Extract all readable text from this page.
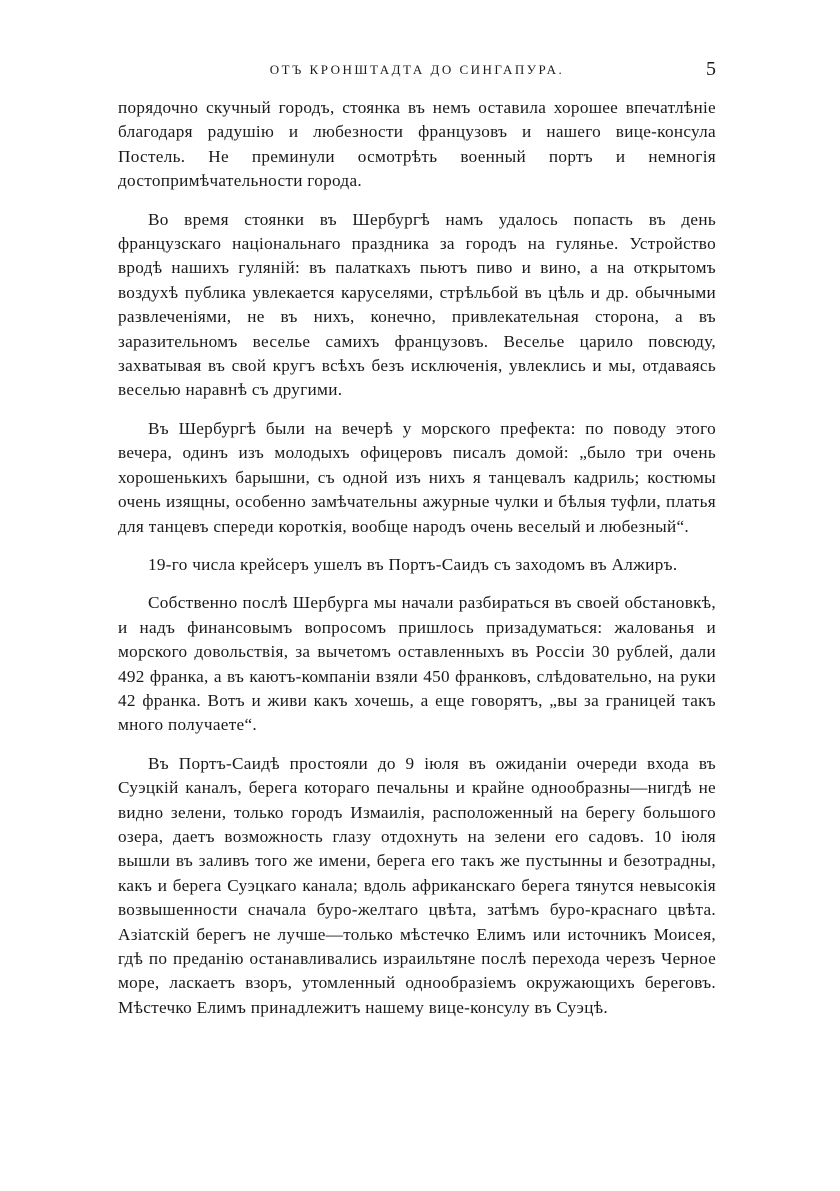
ОТЪ КРОНШТАДТА ДО СИНГАПУРА.	5

порядочно скучный городъ, стоянка въ немъ оставила хорошее впечатлѣніе благодаря радушію и любезности французовъ и нашего вице-консула Постель. Не преминули осмотрѣть военный портъ и немногія достопримѣчательности города.

Во время стоянки въ Шербургѣ намъ удалось попасть въ день французскаго національнаго праздника за городъ на гулянье. Устройство вродѣ нашихъ гуляній: въ палаткахъ пьютъ пиво и вино, а на открытомъ воздухѣ публика увлекается каруселями, стрѣльбой въ цѣль и др. обычными развлеченіями, не въ нихъ, конечно, привлекательная сторона, а въ заразительномъ веселье самихъ французовъ. Веселье царило повсюду, захватывая въ свой кругъ всѣхъ безъ исключенія, увлеклись и мы, отдаваясь веселью наравнѣ съ другими.

Въ Шербургѣ были на вечерѣ у морского префекта: по поводу этого вечера, одинъ изъ молодыхъ офицеровъ писалъ домой: „было три очень хорошенькихъ барышни, съ одной изъ нихъ я танцевалъ кадриль; костюмы очень изящны, особенно замѣчательны ажурные чулки и бѣлыя туфли, платья для танцевъ спереди короткія, вообще народъ очень веселый и любезный“.

19-го числа крейсеръ ушелъ въ Портъ-Саидъ съ заходомъ въ Алжиръ.

Собственно послѣ Шербурга мы начали разбираться въ своей обстановкѣ, и надъ финансовымъ вопросомъ пришлось призадуматься: жалованья и морского довольствія, за вычетомъ оставленныхъ въ Россіи 30 рублей, дали 492 франка, а въ каютъ-компаніи взяли 450 франковъ, слѣдовательно, на руки 42 франка. Вотъ и живи какъ хочешь, а еще говорятъ, „вы за границей такъ много получаете“.

Въ Портъ-Саидѣ простояли до 9 іюля въ ожиданіи очереди входа въ Суэцкій каналъ, берега котораго печальны и крайне однообразны—нигдѣ не видно зелени, только городъ Измаилія, расположенный на берегу большого озера, даетъ возможность глазу отдохнуть на зелени его садовъ. 10 іюля вышли въ заливъ того же имени, берега его такъ же пустынны и безотрадны, какъ и берега Суэцкаго канала; вдоль африканскаго берега тянутся невысокія возвышенности сначала буро-желтаго цвѣта, затѣмъ буро-краснаго цвѣта. Азіатскій берегъ не лучше—только мѣстечко Елимъ или источникъ Моисея, гдѣ по преданію останавливались израильтяне послѣ перехода черезъ Черное море, ласкаетъ взоръ, утомленный однообразіемъ окружающихъ береговъ. Мѣстечко Елимъ принадлежитъ нашему вице-консулу въ Суэцѣ.
